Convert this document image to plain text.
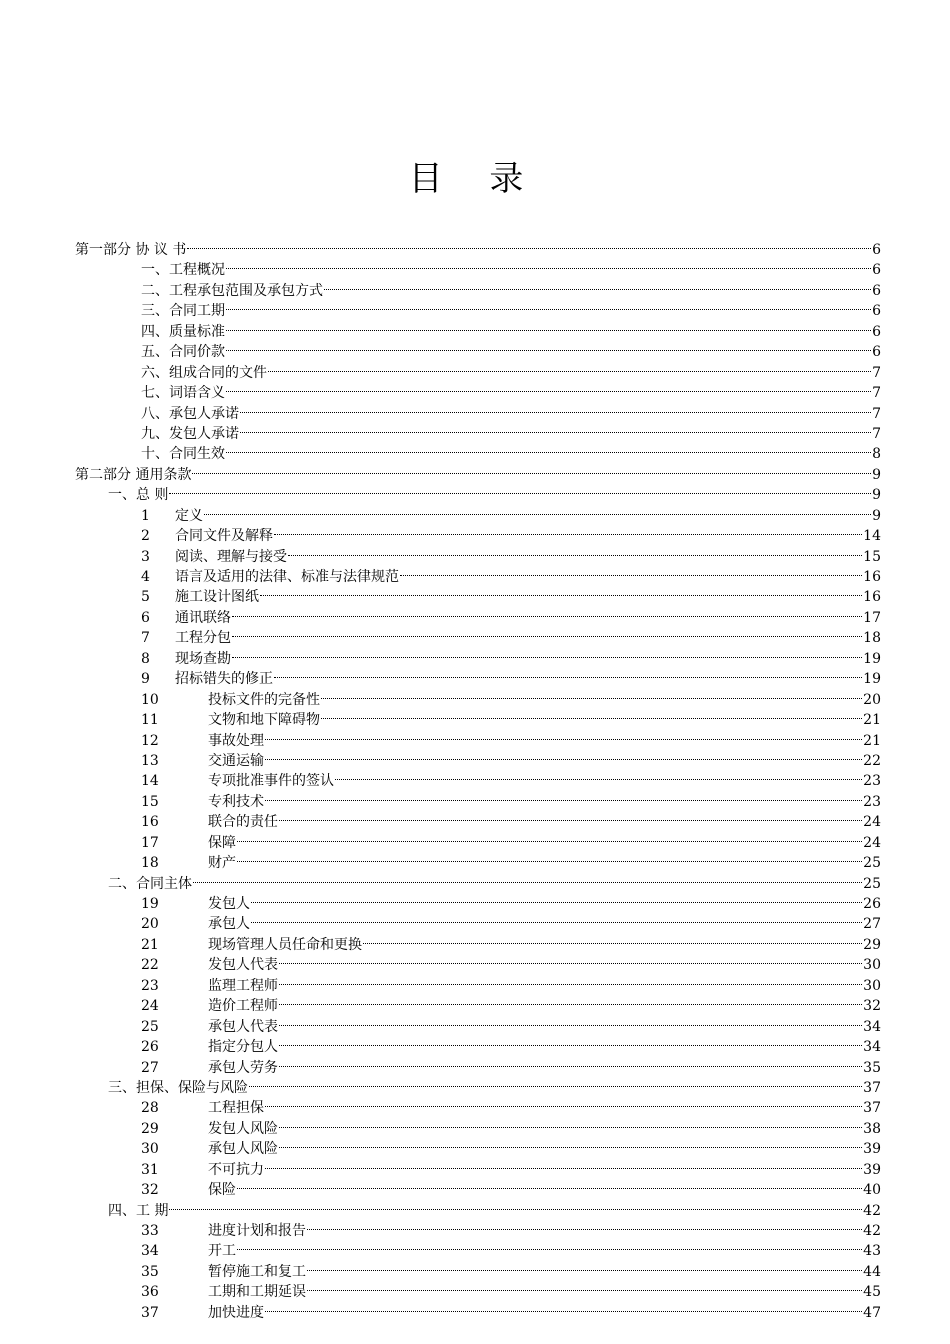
目 录
第一部分 协 议 书	6
一、工程概况	6
二、工程承包范围及承包方式	6
三、合同工期	6
四、质量标准	6
五、合同价款	6
六、组成合同的文件	7
七、词语含义	7
八、承包人承诺	7
九、发包人承诺	7
十、合同生效	8
第二部分 通用条款	9
一、总 则	9
1	定义	9
2	合同文件及解释	14
3	阅读、理解与接受	15
4	语言及适用的法律、标准与法律规范	16
5	施工设计图纸	16
6	通讯联络	17
7	工程分包	18
8	现场查勘	19
9	招标错失的修正	19
10	投标文件的完备性	20
11	文物和地下障碍物	21
12	事故处理	21
13	交通运输	22
14	专项批准事件的签认	23
15	专利技术	23
16	联合的责任	24
17	保障	24
18	财产	25
二、合同主体	25
19	发包人	26
20	承包人	27
21	现场管理人员任命和更换	29
22	发包人代表	30
23	监理工程师	30
24	造价工程师	32
25	承包人代表	34
26	指定分包人	34
27	承包人劳务	35
三、担保、保险与风险	37
28	工程担保	37
29	发包人风险	38
30	承包人风险	39
31	不可抗力	39
32	保险	40
四、工 期	42
33	进度计划和报告	42
34	开工	43
35	暂停施工和复工	44
36	工期和工期延误	45
37	加快进度	47
